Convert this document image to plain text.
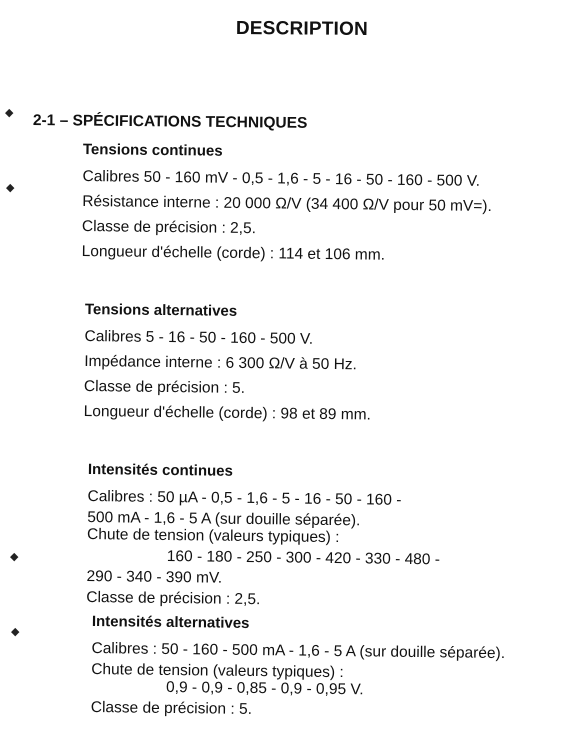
DESCRIPTION
◆
◆
◆
◆
2-1 – SPÉCIFICATIONS TECHNIQUES
Tensions continues
Calibres 50 - 160 mV - 0,5 - 1,6 - 5 - 16 - 50 - 160 - 500 V.
Résistance interne : 20 000 Ω/V (34 400 Ω/V pour 50 mV=).
Classe de précision : 2,5.
Longueur d'échelle (corde) : 114 et 106 mm.
Tensions alternatives
Calibres 5 - 16 - 50 - 160 - 500 V.
Impédance interne : 6 300 Ω/V à 50 Hz.
Classe de précision : 5.
Longueur d'échelle (corde) : 98 et 89 mm.
Intensités continues
Calibres : 50 µA - 0,5 - 1,6 - 5 - 16 - 50 - 160 -
500 mA - 1,6 - 5 A (sur douille séparée).
Chute de tension (valeurs typiques) :
160 - 180 - 250 - 300 - 420 - 330 - 480 -
290 - 340 - 390 mV.
Classe de précision : 2,5.
Intensités alternatives
Calibres : 50 - 160 - 500 mA - 1,6 - 5 A (sur douille séparée).
Chute de tension (valeurs typiques) :
0,9 - 0,9 - 0,85 - 0,9 - 0,95 V.
Classe de précision : 5.
